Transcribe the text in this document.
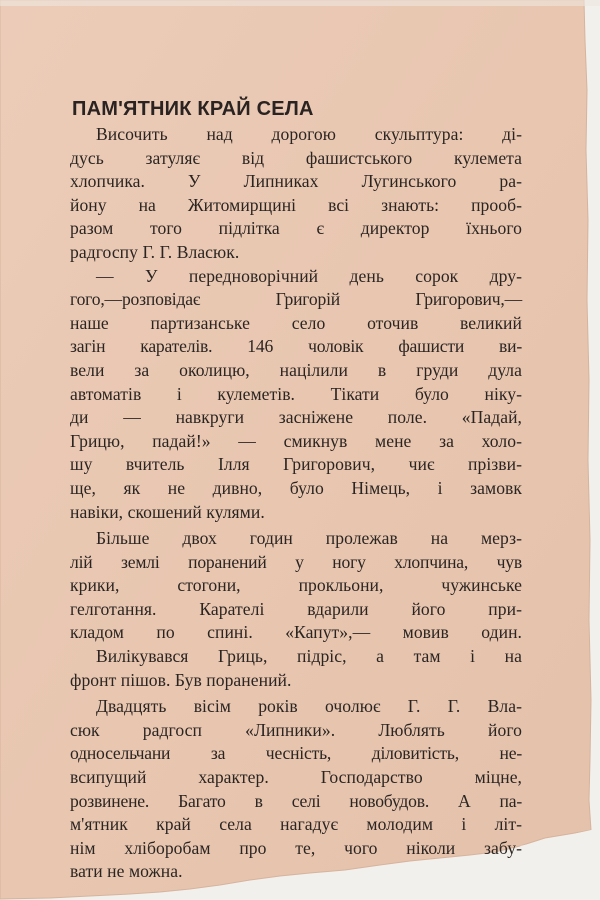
ПАМ'ЯТНИК КРАЙ СЕЛА
Височить над дорогою скульптура: ді-
дусь затуляє від фашистського кулемета
хлопчика. У Липниках Лугинського ра-
йону на Житомирщині всі знають: прооб-
разом того підлітка є директор їхнього
радгоспу Г. Г. Власюк.
— У передноворічний день сорок дру-
гого,—розповідає Григорій Григорович,—
наше партизанське село оточив великий
загін карателів. 146 чоловік фашисти ви-
вели за околицю, націлили в груди дула
автоматів і кулеметів. Тікати було ніку-
ди — навкруги засніжене поле. «Падай,
Грицю, падай!» — смикнув мене за холо-
шу вчитель Ілля Григорович, чиє прізви-
ще, як не дивно, було Німець, і замовк
навіки, скошений кулями.
Більше двох годин пролежав на мерз-
лій землі поранений у ногу хлопчина, чув
крики, стогони, прокльони, чужинське
гелготання. Карателі вдарили його при-
кладом по спині. «Капут»,— мовив один.
Вилікувався Гриць, підріс, а там і на
фронт пішов. Був поранений.
Двадцять вісім років очолює Г. Г. Вла-
сюк радгосп «Липники». Люблять його
односельчани за чесність, діловитість, не-
всипущий характер. Господарство міцне,
розвинене. Багато в селі новобудов. А па-
м'ятник край села нагадує молодим і літ-
нім хліборобам про те, чого ніколи забу-
вати не можна.
